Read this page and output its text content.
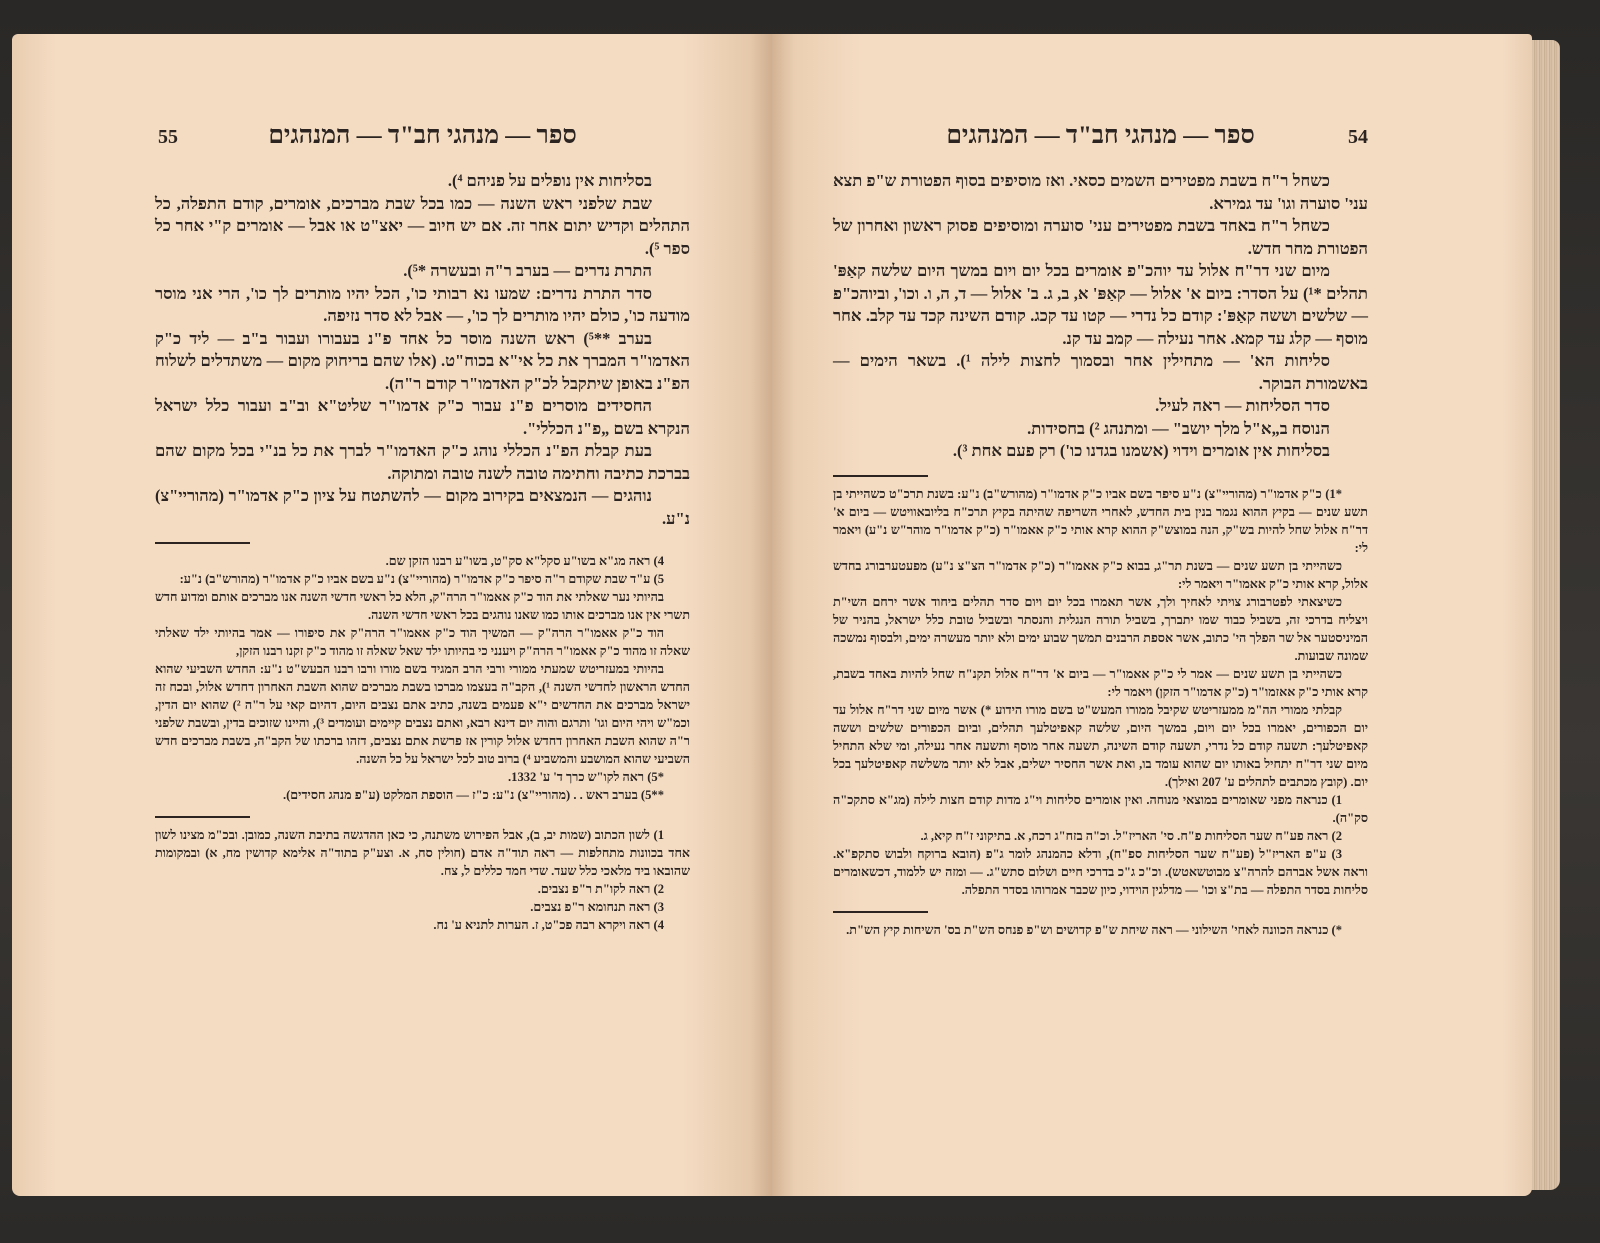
ספר — מנהגי חב"ד — המנהגים
55

בסליחות אין נופלים על פניהם ⁴).

שבת שלפני ראש השנה — כמו בכל שבת מברכים, אומרים, קודם התפלה, כל התהלים וקדיש יתום אחר זה. אם יש חיוב — יאצ"ט או אבל — אומרים ק"י אחר כל ספר ⁵).

התרת נדרים — בערב ר"ה ובעשרה *⁵).

סדר התרת נדרים: שמעו נא רבותי כו', הכל יהיו מותרים לך כו', הרי אני מוסר מודעה כו', כולם יהיו מותרים לך כו', — אבל לא סדר נזיפה.

בערב **⁵) ראש השנה מוסר כל אחד פ"נ בעבורו ועבור ב"ב — ליד כ"ק האדמו"ר המברך את כל אי"א בכוח"ט. (אלו שהם בריחוק מקום — משתדלים לשלוח הפ"נ באופן שיתקבל לכ"ק האדמו"ר קודם ר"ה).

החסידים מוסרים פ"נ עבור כ"ק אדמו"ר שליט"א וב"ב ועבור כלל ישראל הנקרא בשם „פ"נ הכללי".

בעת קבלת הפ"נ הכללי נוהג כ"ק האדמו"ר לברך את כל בנ"י בכל מקום שהם בברכת כתיבה וחתימה טובה לשנה טובה ומתוקה.

נוהגים — הנמצאים בקירוב מקום — להשתטח על ציון כ"ק אדמו"ר (מהוריי"צ) נ"ע.

4) ראה מג"א בשו"ע סקל"א סק"ט, בשו"ע רבנו הזקן שם.

5) ע"ד שבת שקודם ר"ה סיפר כ"ק אדמו"ר (מהוריי"צ) נ"ע בשם אביו כ"ק אדמו"ר (מהורש"ב) נ"ע:

בהיותי נער שאלתי את הוד כ"ק אאמו"ר הרה"ק, הלא כל ראשי חדשי השנה אנו מברכים אותם ומדוע חדש תשרי אין אנו מברכים אותו כמו שאנו נוהגים בכל ראשי חדשי השנה.

הוד כ"ק אאמו"ר הרה"ק — המשיך הוד כ"ק אאמו"ר הרה"ק את סיפורו — אמר בהיותי ילד שאלתי שאלה זו מהוד כ"ק אאמו"ר הרה"ק ויענני כי בהיותו ילד שאל שאלה זו מהוד כ"ק זקנו רבנו הזקן,

בהיותי במעזריטש שמעתי ממורי ורבי הרב המגיד בשם מורו ורבו רבנו הבעש"ט נ"ע: החדש השביעי שהוא החדש הראשון לחדשי השנה ¹), הקב"ה בעצמו מברכו בשבת מברכים שהוא השבת האחרון דחדש אלול, ובכח זה ישראל מברכים את החדשים י"א פעמים בשנה, כתיב אתם נצבים היום, דהיום קאי על ר"ה ²) שהוא יום הדין, וכמ"ש ויהי היום וגו' ותרגם והוה יום דינא רבא, ואתם נצבים קיימים ועומדים ³), והיינו שזוכים בדין, ובשבת שלפני ר"ה שהוא השבת האחרון דחדש אלול קורין אז פרשת אתם נצבים, דזהו ברכתו של הקב"ה, בשבת מברכים חדש השביעי שהוא המושבע והמשביע ⁴) ברוב טוב לכל ישראל על כל השנה.

*5) ראה לקו"ש כרך ד' ע' 1332.

**5) בערב ראש . . (מהוריי"צ) נ"ע: כ"ז — הוספת המלקט (ע"פ מנהג חסידים).

1) לשון הכתוב (שמות יב, ב), אבל הפירוש משתנה, כי כאן ההדגשה בתיבת השנה, כמובן. ובכ"מ מצינו לשון אחד בכוונות מתחלפות — ראה תוד"ה אדם (חולין סח, א. וצע"ק בתוד"ה אלימא קדושין מח, א) ובמקומות שהובאו ביד מלאכי כלל שעד. שדי חמד כללים ל, צח.

2) ראה לקו"ת ר"פ נצבים.

3) ראה תנחומא ר"פ נצבים.

4) ראה ויקרא רבה פכ"ט, ז. הערות לתניא ע' נח.

ספר — מנהגי חב"ד — המנהגים	54

כשחל ר"ח בשבת מפטירים השמים כסאי. ואז מוסיפים בסוף הפטורת ש"פ תצא עני' סוערה וגו' עד גמירא.

כשחל ר"ח באחד בשבת מפטירים עני' סוערה ומוסיפים פסוק ראשון ואחרון של הפטורת מחר חדש.

מיום שני דר"ח אלול עד יוהכ"פ אומרים בכל יום ויום במשך היום שלשה קאַפּ' תהלים *¹) על הסדר: ביום א' אלול — קאַפּ' א, ב, ג. ב' אלול — ד, ה, ו. וכו', וביוהכ"פ — שלשים וששה קאַפּ': קודם כל נדרי — קטו עד קכג. קודם השינה קכד עד קלב. אחר מוסף — קלג עד קמא. אחר נעילה — קמב עד קנ.

סליחות הא' — מתחילין אחר ובסמוך לחצות לילה ¹). בשאר הימים — באשמורת הבוקר.

סדר הסליחות — ראה לעיל.

הנוסח ב„א"ל מלך יושב" — ומתנהג ²) בחסידות.

בסליחות אין אומרים וידוי (אשמנו בגדנו כו') רק פעם אחת ³).

*1) כ"ק אדמו"ר (מהוריי"צ) נ"ע סיפר בשם אביו כ"ק אדמו"ר (מהורש"ב) נ"ע: בשנת תרכ"ט כשהייתי בן תשע שנים — בקיץ ההוא נגמר בנין בית החדש, לאחרי השריפה שהיתה בקיץ תרכ"ח בליובאוויטש — ביום א' דר"ח אלול שחל להיות בש"ק, הנה במוצש"ק ההוא קרא אותי כ"ק אאמו"ר (כ"ק אדמו"ר מוהר"ש נ"ע) ויאמר לי:

כשהייתי בן תשע שנים — בשנת תר"ג, בבוא כ"ק אאמו"ר (כ"ק אדמו"ר הצ"צ נ"ע) מפעטערבורג בחדש אלול, קרא אותי כ"ק אאמו"ר ויאמר לי:

כשיצאתי לפטרבורג צויתי לאחיך ולך, אשר תאמרו בכל יום ויום סדר תהלים ביחוד אשר ירחם השי"ת ויצליח בדרכי זה, בשביל כבוד שמו יתברך, בשביל תורה הנגלית והנסתר ובשביל טובת כלל ישראל, בהניר של המיניסטער אל שר הפלך הי' כתוב, אשר אספת הרבנים תמשך שבוע ימים ולא יותר מעשרה ימים, ולבסוף נמשכה שמונה שבועות.

כשהייתי בן תשע שנים — אמר לי כ"ק אאמו"ר — ביום א' דר"ח אלול תקנ"ח שחל להיות באחד בשבת, קרא אותי כ"ק אאזמו"ר (כ"ק אדמו"ר הזקן) ויאמר לי:

קבלתי ממורי הה"מ ממעזריטש שקיבל ממורו המעש"ט בשם מורו הידוע *) אשר מיום שני דר"ח אלול עד יום הכפורים, יאמרו בכל יום ויום, במשך היום, שלשה קאפיטלעך תהלים, וביום הכפורים שלשים וששה קאפיטלעך: תשעה קודם כל נדרי, תשעה קודם השינה, תשעה אחר מוסף ותשעה אחר נעילה, ומי שלא התחיל מיום שני דר"ח יתחיל באותו יום שהוא עומד בו, ואת אשר החסיר ישלים, אבל לא יותר משלשה קאפיטלעך בכל יום. (קובץ מכתבים לתהלים ע' 207 ואילך).

1) כנראה מפני שאומרים במוצאי מנוחה. ואין אומרים סליחות וי"ג מדות קודם חצות לילה (מג"א סתקכ"ה סק"ה).

2) ראה פע"ח שער הסליחות פ"ח. סי' האריז"ל. וכ"ה בזח"ג רכח, א. בתיקוני ז"ח קיא, ג.

3) ע"פ האריז"ל (פע"ח שער הסליחות ספ"ח), ודלא כהמנהג לומר ג"פ (הובא ברוקח ולבוש סתקפ"א. וראה אשל אברהם להרה"צ מבוטשאטש). וכ"כ ג"כ בדרכי חיים ושלום סתש"ג. — ומזה יש ללמוד, דכשאומרים סליחות בסדר התפלה — בת"צ וכו' — מדלגין הוידוי, כיון שכבר אמרוהו בסדר התפלה.

*) כנראה הכוונה לאחי' השילוני — ראה שיחת ש"פ קדושים וש"פ פנחס הש"ת בס' השיחות קיץ הש"ת.
